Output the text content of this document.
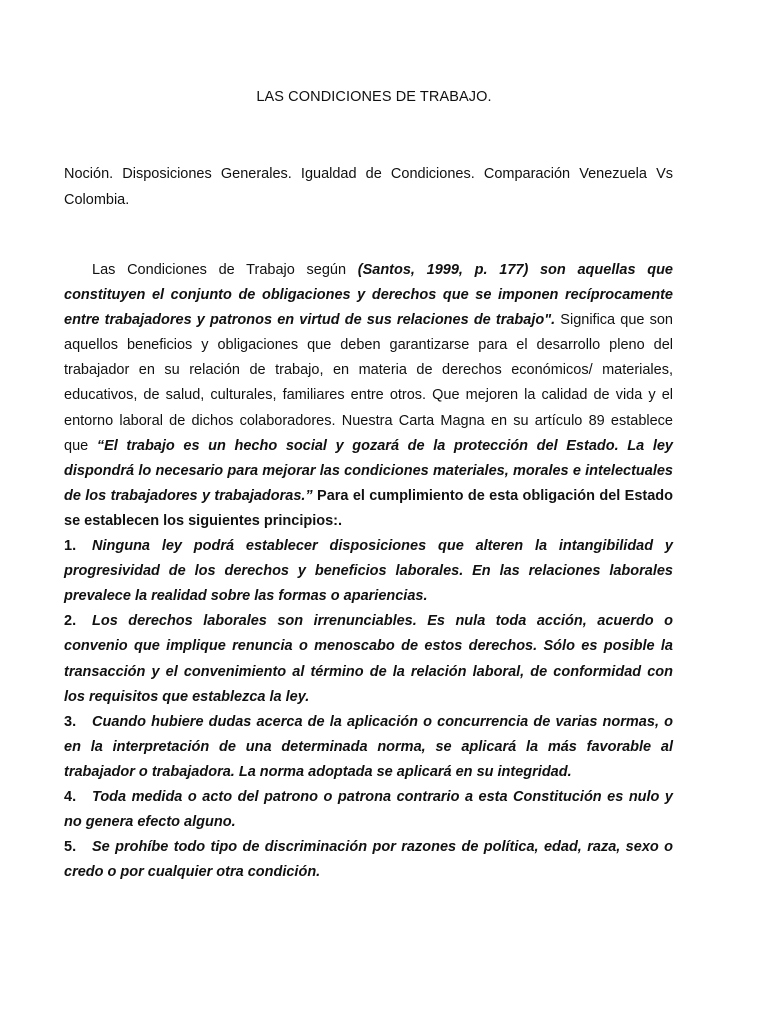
LAS CONDICIONES DE TRABAJO.

Noción. Disposiciones Generales. Igualdad de Condiciones. Comparación Venezuela Vs Colombia.

Las Condiciones de Trabajo según (Santos, 1999, p. 177) son aquellas que constituyen el conjunto de obligaciones y derechos que se imponen recíprocamente entre trabajadores y patronos en virtud de sus relaciones de trabajo". Significa que son aquellos beneficios y obligaciones que deben garantizarse para el desarrollo pleno del trabajador en su relación de trabajo, en materia de derechos económicos/ materiales, educativos, de salud, culturales, familiares entre otros. Que mejoren la calidad de vida y el entorno laboral de dichos colaboradores. Nuestra Carta Magna en su artículo 89 establece que “El trabajo es un hecho social y gozará de la protección del Estado. La ley dispondrá lo necesario para mejorar las condiciones materiales, morales e intelectuales de los trabajadores y trabajadoras.” Para el cumplimiento de esta obligación del Estado se establecen los siguientes principios:.

1. Ninguna ley podrá establecer disposiciones que alteren la intangibilidad y progresividad de los derechos y beneficios laborales. En las relaciones laborales prevalece la realidad sobre las formas o apariencias.

2. Los derechos laborales son irrenunciables. Es nula toda acción, acuerdo o convenio que implique renuncia o menoscabo de estos derechos. Sólo es posible la transacción y el convenimiento al término de la relación laboral, de conformidad con los requisitos que establezca la ley.

3. Cuando hubiere dudas acerca de la aplicación o concurrencia de varias normas, o en la interpretación de una determinada norma, se aplicará la más favorable al trabajador o trabajadora. La norma adoptada se aplicará en su integridad.

4. Toda medida o acto del patrono o patrona contrario a esta Constitución es nulo y no genera efecto alguno.

5. Se prohíbe todo tipo de discriminación por razones de política, edad, raza, sexo o credo o por cualquier otra condición.
